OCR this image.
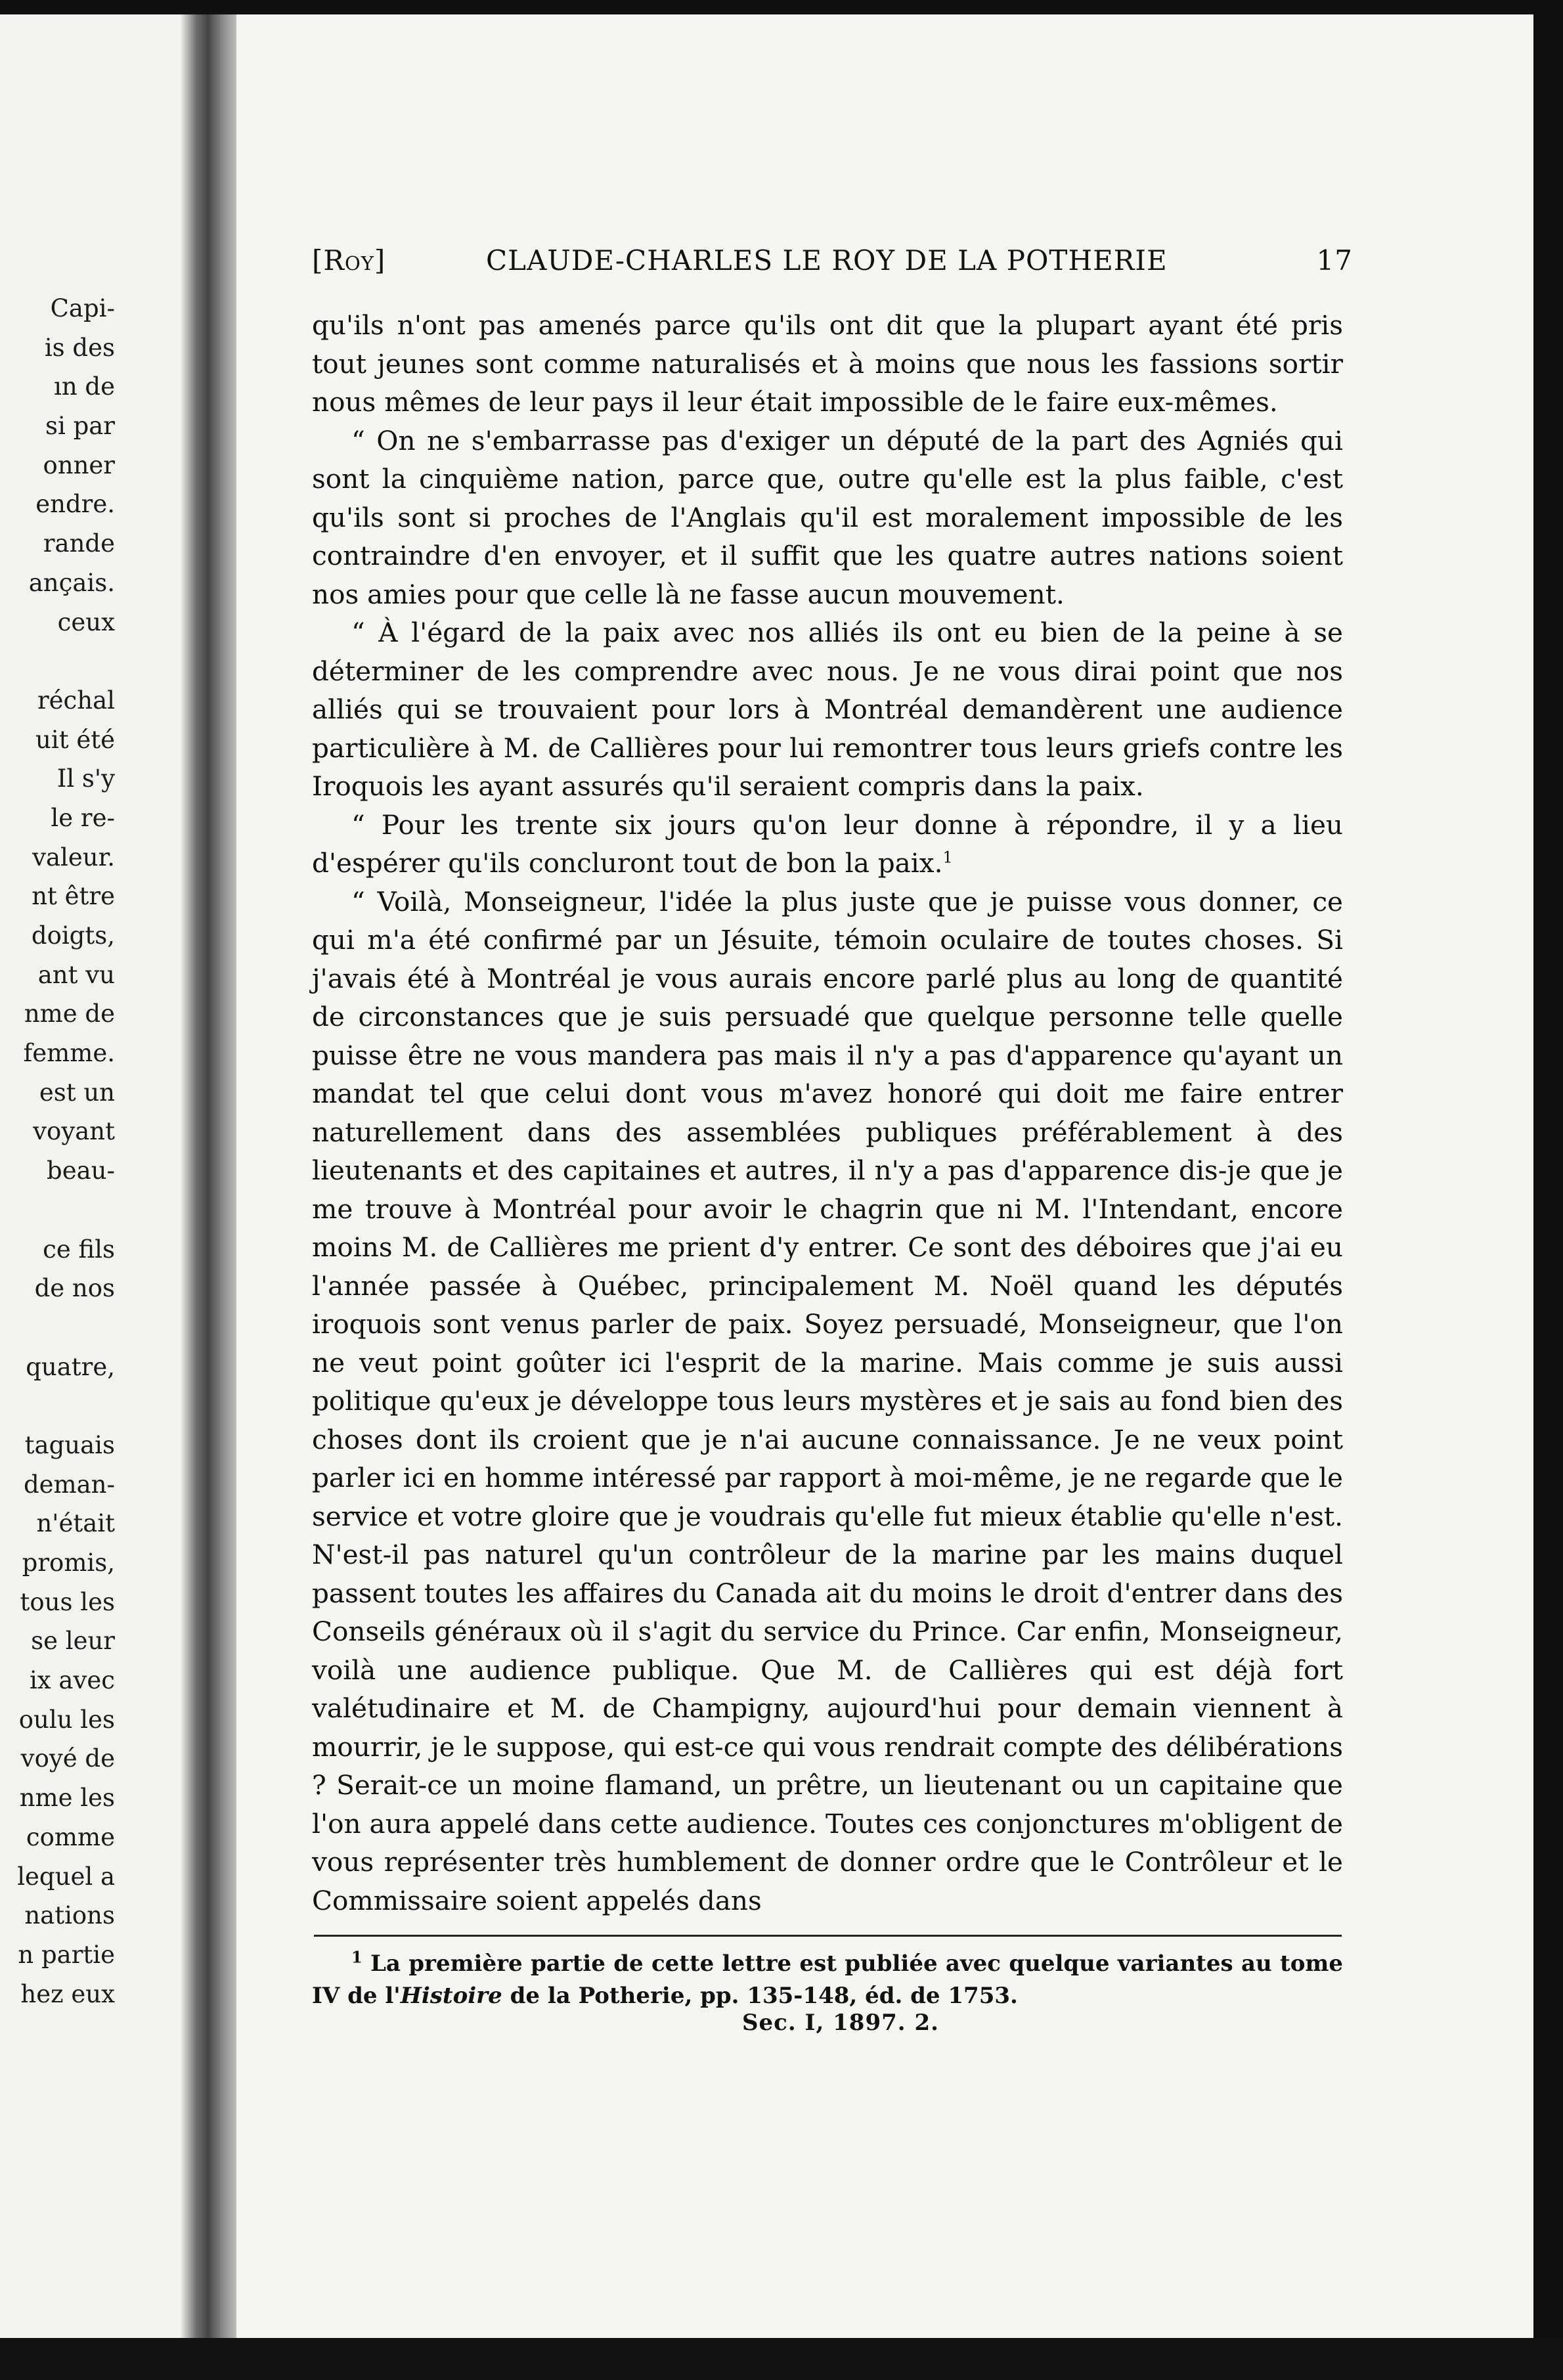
Capi-
is des
ın de
si par
onner
endre.
rande
ançais.
ceux
réchal
uit été
Il s'y
le re-
valeur.
nt être
doigts,
ant vu
nme de
femme.
est un
voyant
beau-
ce fils
de nos
quatre,
taguais
deman-
n'était
promis,
tous les
se leur
ix avec
oulu les
voyé de
nme les
comme
lequel a
nations
n partie
hez eux
[Roy]	CLAUDE-CHARLES LE ROY DE LA POTHERIE	17

qu'ils n'ont pas amenés parce qu'ils ont dit que la plupart ayant été pris tout jeunes sont comme naturalisés et à moins que nous les fassions sortir nous mêmes de leur pays il leur était impossible de le faire eux-mêmes.

“ On ne s'embarrasse pas d'exiger un député de la part des Agniés qui sont la cinquième nation, parce que, outre qu'elle est la plus faible, c'est qu'ils sont si proches de l'Anglais qu'il est moralement impossible de les contraindre d'en envoyer, et il suffit que les quatre autres nations soient nos amies pour que celle là ne fasse aucun mouvement.

“ À l'égard de la paix avec nos alliés ils ont eu bien de la peine à se déterminer de les comprendre avec nous. Je ne vous dirai point que nos alliés qui se trouvaient pour lors à Montréal demandèrent une audience particulière à M. de Callières pour lui remontrer tous leurs griefs contre les Iroquois les ayant assurés qu'il seraient compris dans la paix.

“ Pour les trente six jours qu'on leur donne à répondre, il y a lieu d'espérer qu'ils concluront tout de bon la paix.$^1$

“ Voilà, Monseigneur, l'idée la plus juste que je puisse vous donner, ce qui m'a été confirmé par un Jésuite, témoin oculaire de toutes choses. Si j'avais été à Montréal je vous aurais encore parlé plus au long de quantité de circonstances que je suis persuadé que quelque personne telle quelle puisse être ne vous mandera pas mais il n'y a pas d'apparence qu'ayant un mandat tel que celui dont vous m'avez honoré qui doit me faire entrer naturellement dans des assemblées publiques préférablement à des lieutenants et des capitaines et autres, il n'y a pas d'apparence dis-je que je me trouve à Montréal pour avoir le chagrin que ni M. l'Intendant, encore moins M. de Callières me prient d'y entrer. Ce sont des déboires que j'ai eu l'année passée à Québec, principalement M. Noël quand les députés iroquois sont venus parler de paix. Soyez persuadé, Monseigneur, que l'on ne veut point goûter ici l'esprit de la marine. Mais comme je suis aussi politique qu'eux je développe tous leurs mystères et je sais au fond bien des choses dont ils croient que je n'ai aucune connaissance. Je ne veux point parler ici en homme intéressé par rapport à moi-même, je ne regarde que le service et votre gloire que je voudrais qu'elle fut mieux établie qu'elle n'est. N'est-il pas naturel qu'un contrôleur de la marine par les mains duquel passent toutes les affaires du Canada ait du moins le droit d'entrer dans des Conseils généraux où il s'agit du service du Prince. Car enfin, Monseigneur, voilà une audience publique. Que M. de Callières qui est déjà fort valétudinaire et M. de Champigny, aujourd'hui pour demain viennent à mourrir, je le suppose, qui est-ce qui vous rendrait compte des délibérations ? Serait-ce un moine flamand, un prêtre, un lieutenant ou un capitaine que l'on aura appelé dans cette audience. Toutes ces conjonctures m'obligent de vous représenter très humblement de donner ordre que le Contrôleur et le Commissaire soient appelés dans

$^1$ La première partie de cette lettre est publiée avec quelque variantes au tome IV de l'Histoire de la Potherie, pp. 135-148, éd. de 1753.

Sec. I, 1897. 2.
